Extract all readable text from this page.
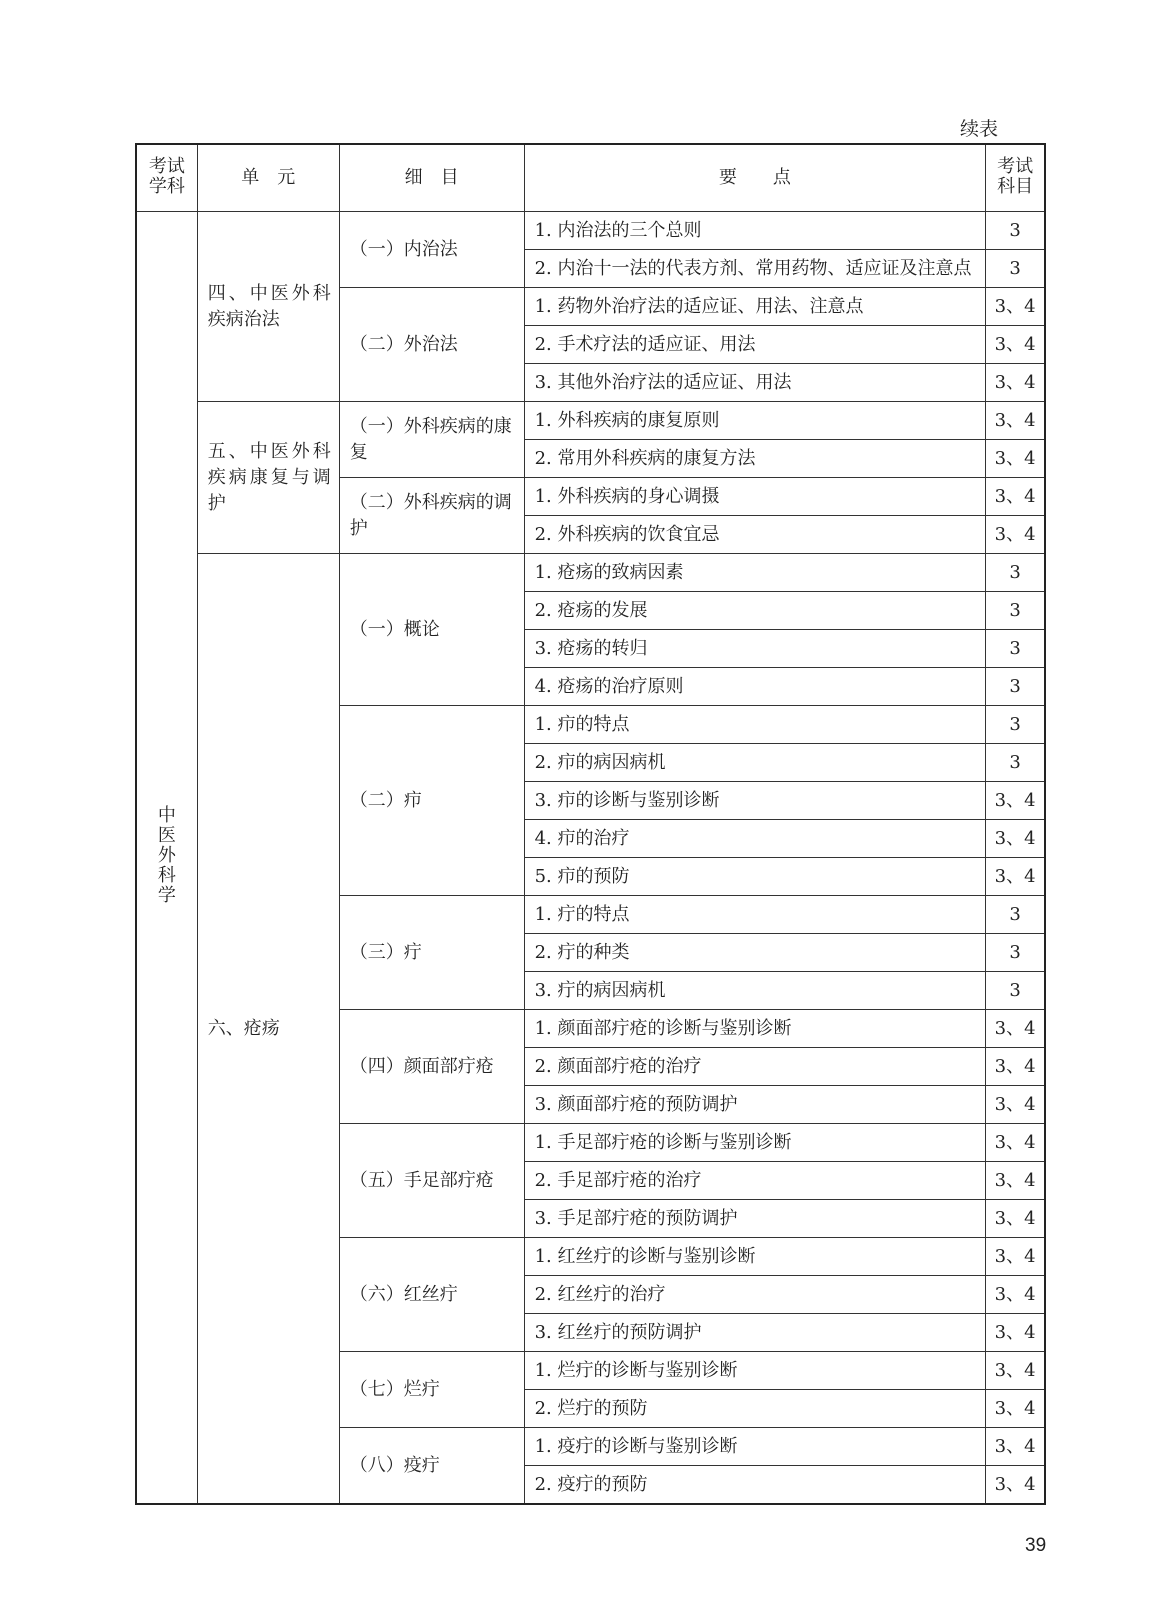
续表
考试学科	单　元	细　目	要　　点	考试科目
中医外科学	四、中医外科疾病治法	（一）内治法	1. 内治法的三个总则	3
			2. 内治十一法的代表方剂、常用药物、适应证及注意点	3
		（二）外治法	1. 药物外治疗法的适应证、用法、注意点	3、4
			2. 手术疗法的适应证、用法	3、4
			3. 其他外治疗法的适应证、用法	3、4
	五、中医外科疾病康复与调护	（一）外科疾病的康复	1. 外科疾病的康复原则	3、4
			2. 常用外科疾病的康复方法	3、4
		（二）外科疾病的调护	1. 外科疾病的身心调摄	3、4
			2. 外科疾病的饮食宜忌	3、4
	六、疮疡	（一）概论	1. 疮疡的致病因素	3
			2. 疮疡的发展	3
			3. 疮疡的转归	3
			4. 疮疡的治疗原则	3
		（二）疖	1. 疖的特点	3
			2. 疖的病因病机	3
			3. 疖的诊断与鉴别诊断	3、4
			4. 疖的治疗	3、4
			5. 疖的预防	3、4
		（三）疔	1. 疔的特点	3
			2. 疔的种类	3
			3. 疔的病因病机	3
		（四）颜面部疔疮	1. 颜面部疔疮的诊断与鉴别诊断	3、4
			2. 颜面部疔疮的治疗	3、4
			3. 颜面部疔疮的预防调护	3、4
		（五）手足部疔疮	1. 手足部疔疮的诊断与鉴别诊断	3、4
			2. 手足部疔疮的治疗	3、4
			3. 手足部疔疮的预防调护	3、4
		（六）红丝疔	1. 红丝疔的诊断与鉴别诊断	3、4
			2. 红丝疔的治疗	3、4
			3. 红丝疔的预防调护	3、4
		（七）烂疔	1. 烂疔的诊断与鉴别诊断	3、4
			2. 烂疔的预防	3、4
		（八）疫疔	1. 疫疔的诊断与鉴别诊断	3、4
			2. 疫疔的预防	3、4
39
